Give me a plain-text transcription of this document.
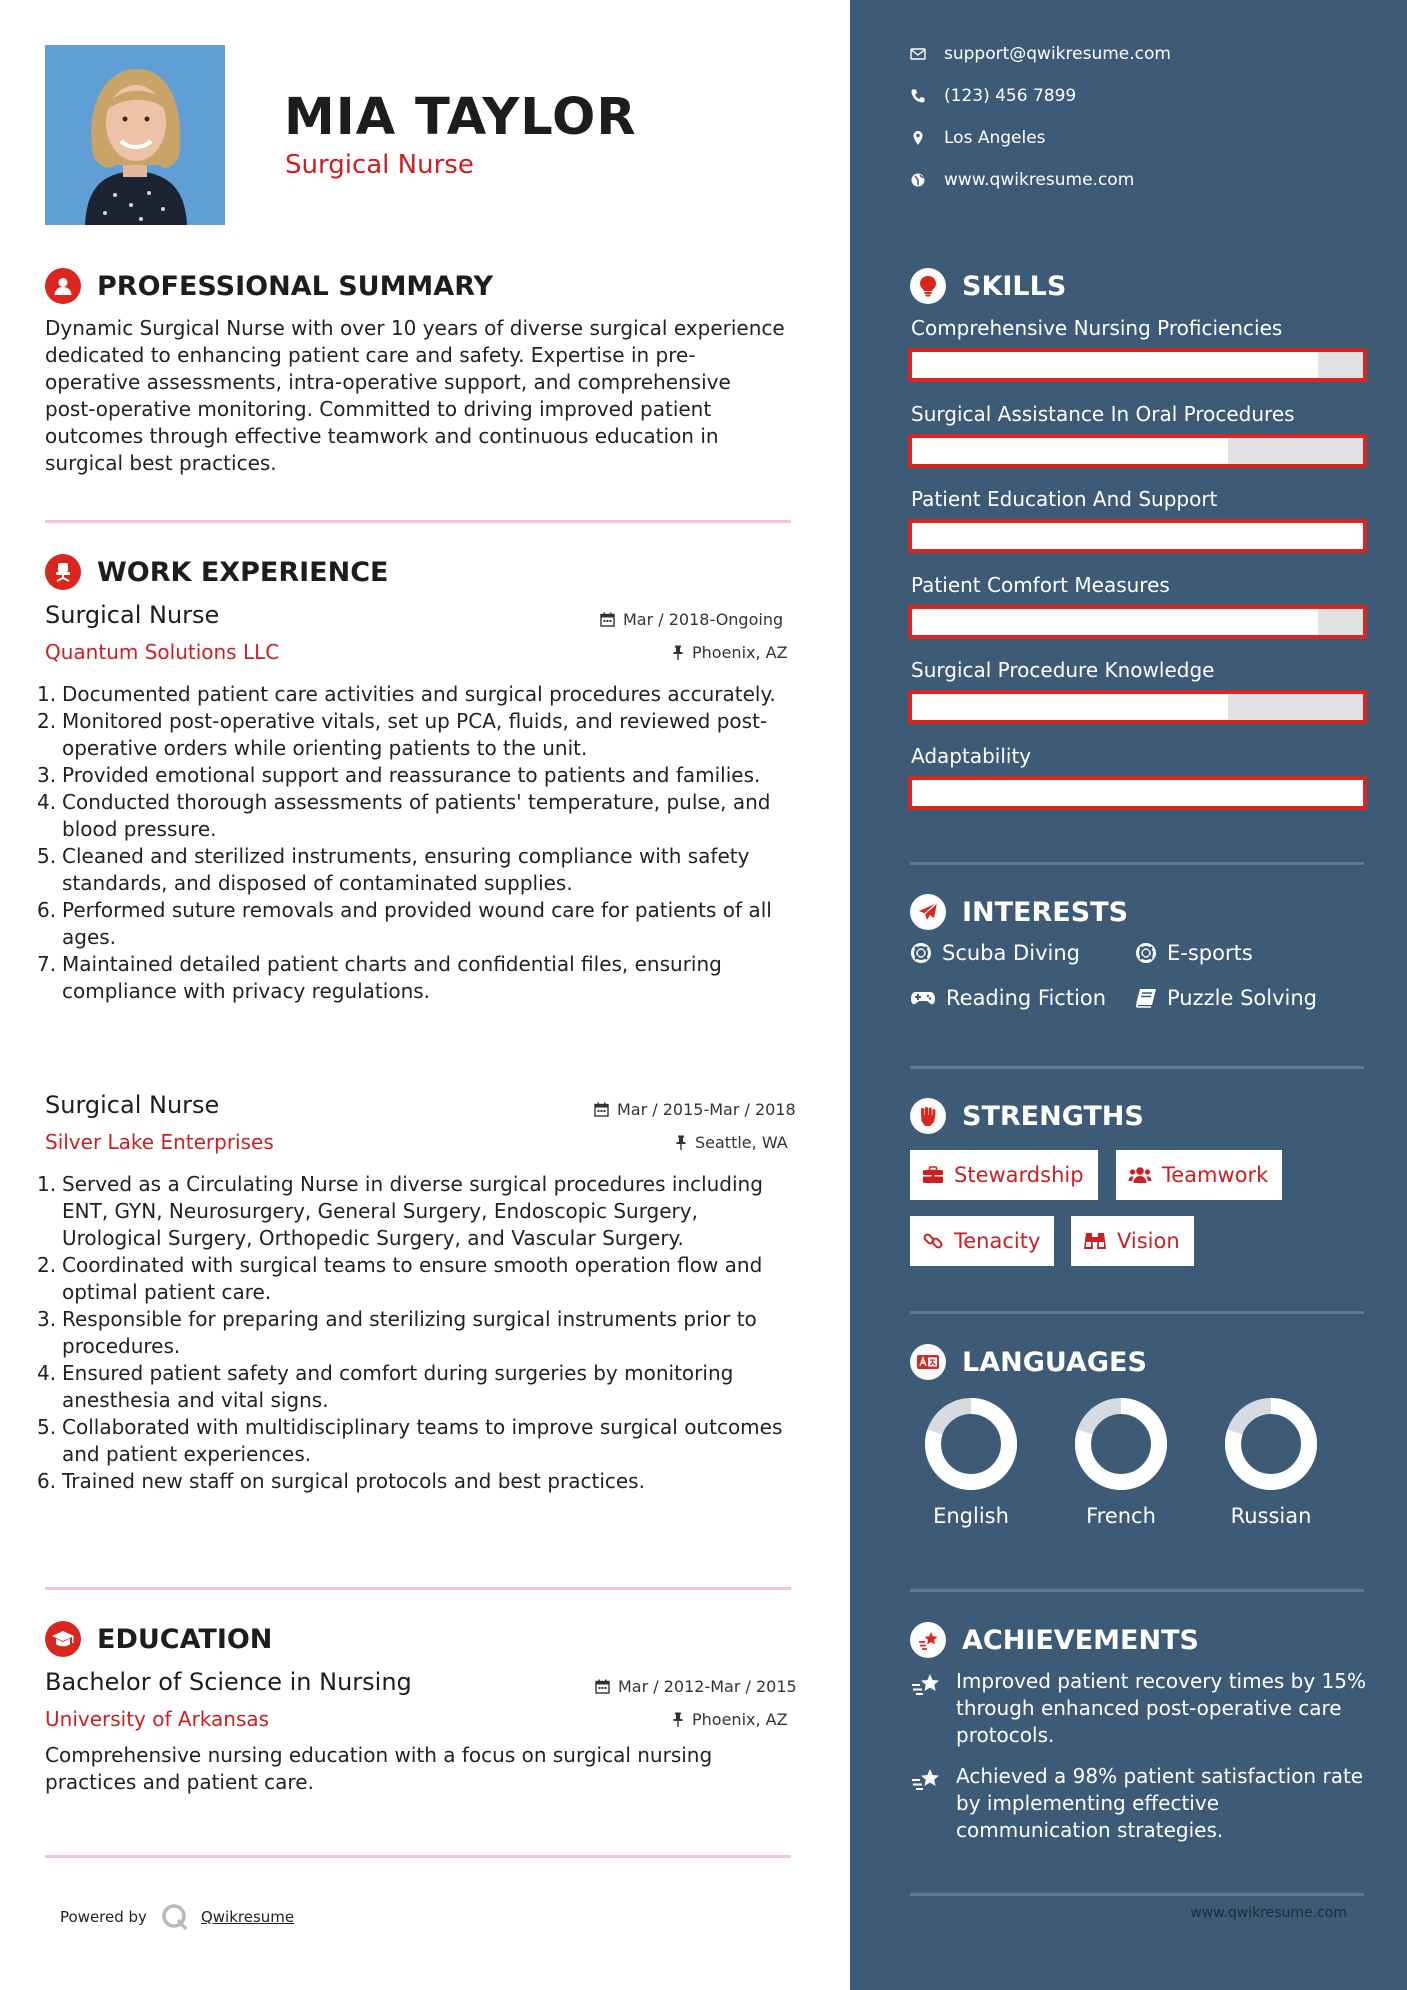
MIA TAYLOR
Surgical Nurse
PROFESSIONAL SUMMARY
Dynamic Surgical Nurse with over 10 years of diverse surgical experience dedicated to enhancing patient care and safety. Expertise in pre-operative assessments, intra-operative support, and comprehensive post-operative monitoring. Committed to driving improved patient outcomes through effective teamwork and continuous education in surgical best practices.
WORK EXPERIENCE
Surgical Nurse	Mar / 2018-Ongoing
Quantum Solutions LLC	Phoenix, AZ
1. Documented patient care activities and surgical procedures accurately.
2. Monitored post-operative vitals, set up PCA, fluids, and reviewed post-operative orders while orienting patients to the unit.
3. Provided emotional support and reassurance to patients and families.
4. Conducted thorough assessments of patients' temperature, pulse, and blood pressure.
5. Cleaned and sterilized instruments, ensuring compliance with safety standards, and disposed of contaminated supplies.
6. Performed suture removals and provided wound care for patients of all ages.
7. Maintained detailed patient charts and confidential files, ensuring compliance with privacy regulations.
Surgical Nurse	Mar / 2015-Mar / 2018
Silver Lake Enterprises	Seattle, WA
1. Served as a Circulating Nurse in diverse surgical procedures including ENT, GYN, Neurosurgery, General Surgery, Endoscopic Surgery, Urological Surgery, Orthopedic Surgery, and Vascular Surgery.
2. Coordinated with surgical teams to ensure smooth operation flow and optimal patient care.
3. Responsible for preparing and sterilizing surgical instruments prior to procedures.
4. Ensured patient safety and comfort during surgeries by monitoring anesthesia and vital signs.
5. Collaborated with multidisciplinary teams to improve surgical outcomes and patient experiences.
6. Trained new staff on surgical protocols and best practices.
EDUCATION
Bachelor of Science in Nursing	Mar / 2012-Mar / 2015
University of Arkansas	Phoenix, AZ
Comprehensive nursing education with a focus on surgical nursing practices and patient care.
Powered by	Qwikresume
support@qwikresume.com
(123) 456 7899
Los Angeles
www.qwikresume.com
SKILLS
Comprehensive Nursing Proficiencies
Surgical Assistance In Oral Procedures
Patient Education And Support
Patient Comfort Measures
Surgical Procedure Knowledge
Adaptability
INTERESTS
Scuba Diving	E-sports
Reading Fiction	Puzzle Solving
STRENGTHS
Stewardship	Teamwork
Tenacity	Vision
LANGUAGES
English	French	Russian
ACHIEVEMENTS
Improved patient recovery times by 15% through enhanced post-operative care protocols.
Achieved a 98% patient satisfaction rate by implementing effective communication strategies.
www.qwikresume.com
